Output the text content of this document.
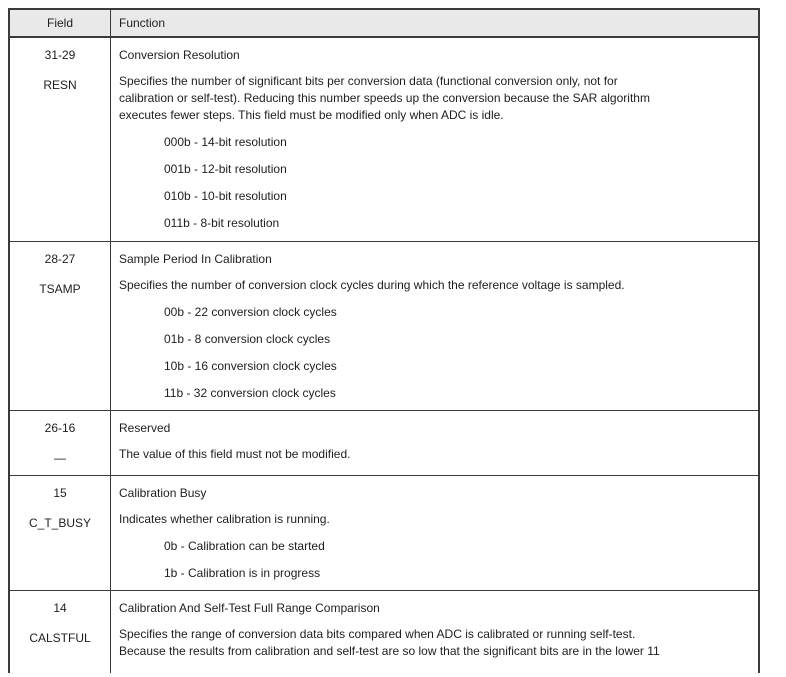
Field	Function
31-29
RESN
Conversion Resolution
Specifies the number of significant bits per conversion data (functional conversion only, not for
calibration or self-test). Reducing this number speeds up the conversion because the SAR algorithm
executes fewer steps. This field must be modified only when ADC is idle.
000b - 14-bit resolution
001b - 12-bit resolution
010b - 10-bit resolution
011b - 8-bit resolution
28-27
TSAMP
Sample Period In Calibration
Specifies the number of conversion clock cycles during which the reference voltage is sampled.
00b - 22 conversion clock cycles
01b - 8 conversion clock cycles
10b - 16 conversion clock cycles
11b - 32 conversion clock cycles
26-16
—
Reserved
The value of this field must not be modified.
15
C_T_BUSY
Calibration Busy
Indicates whether calibration is running.
0b - Calibration can be started
1b - Calibration is in progress
14
CALSTFUL
Calibration And Self-Test Full Range Comparison
Specifies the range of conversion data bits compared when ADC is calibrated or running self-test.
Because the results from calibration and self-test are so low that the significant bits are in the lower 11
